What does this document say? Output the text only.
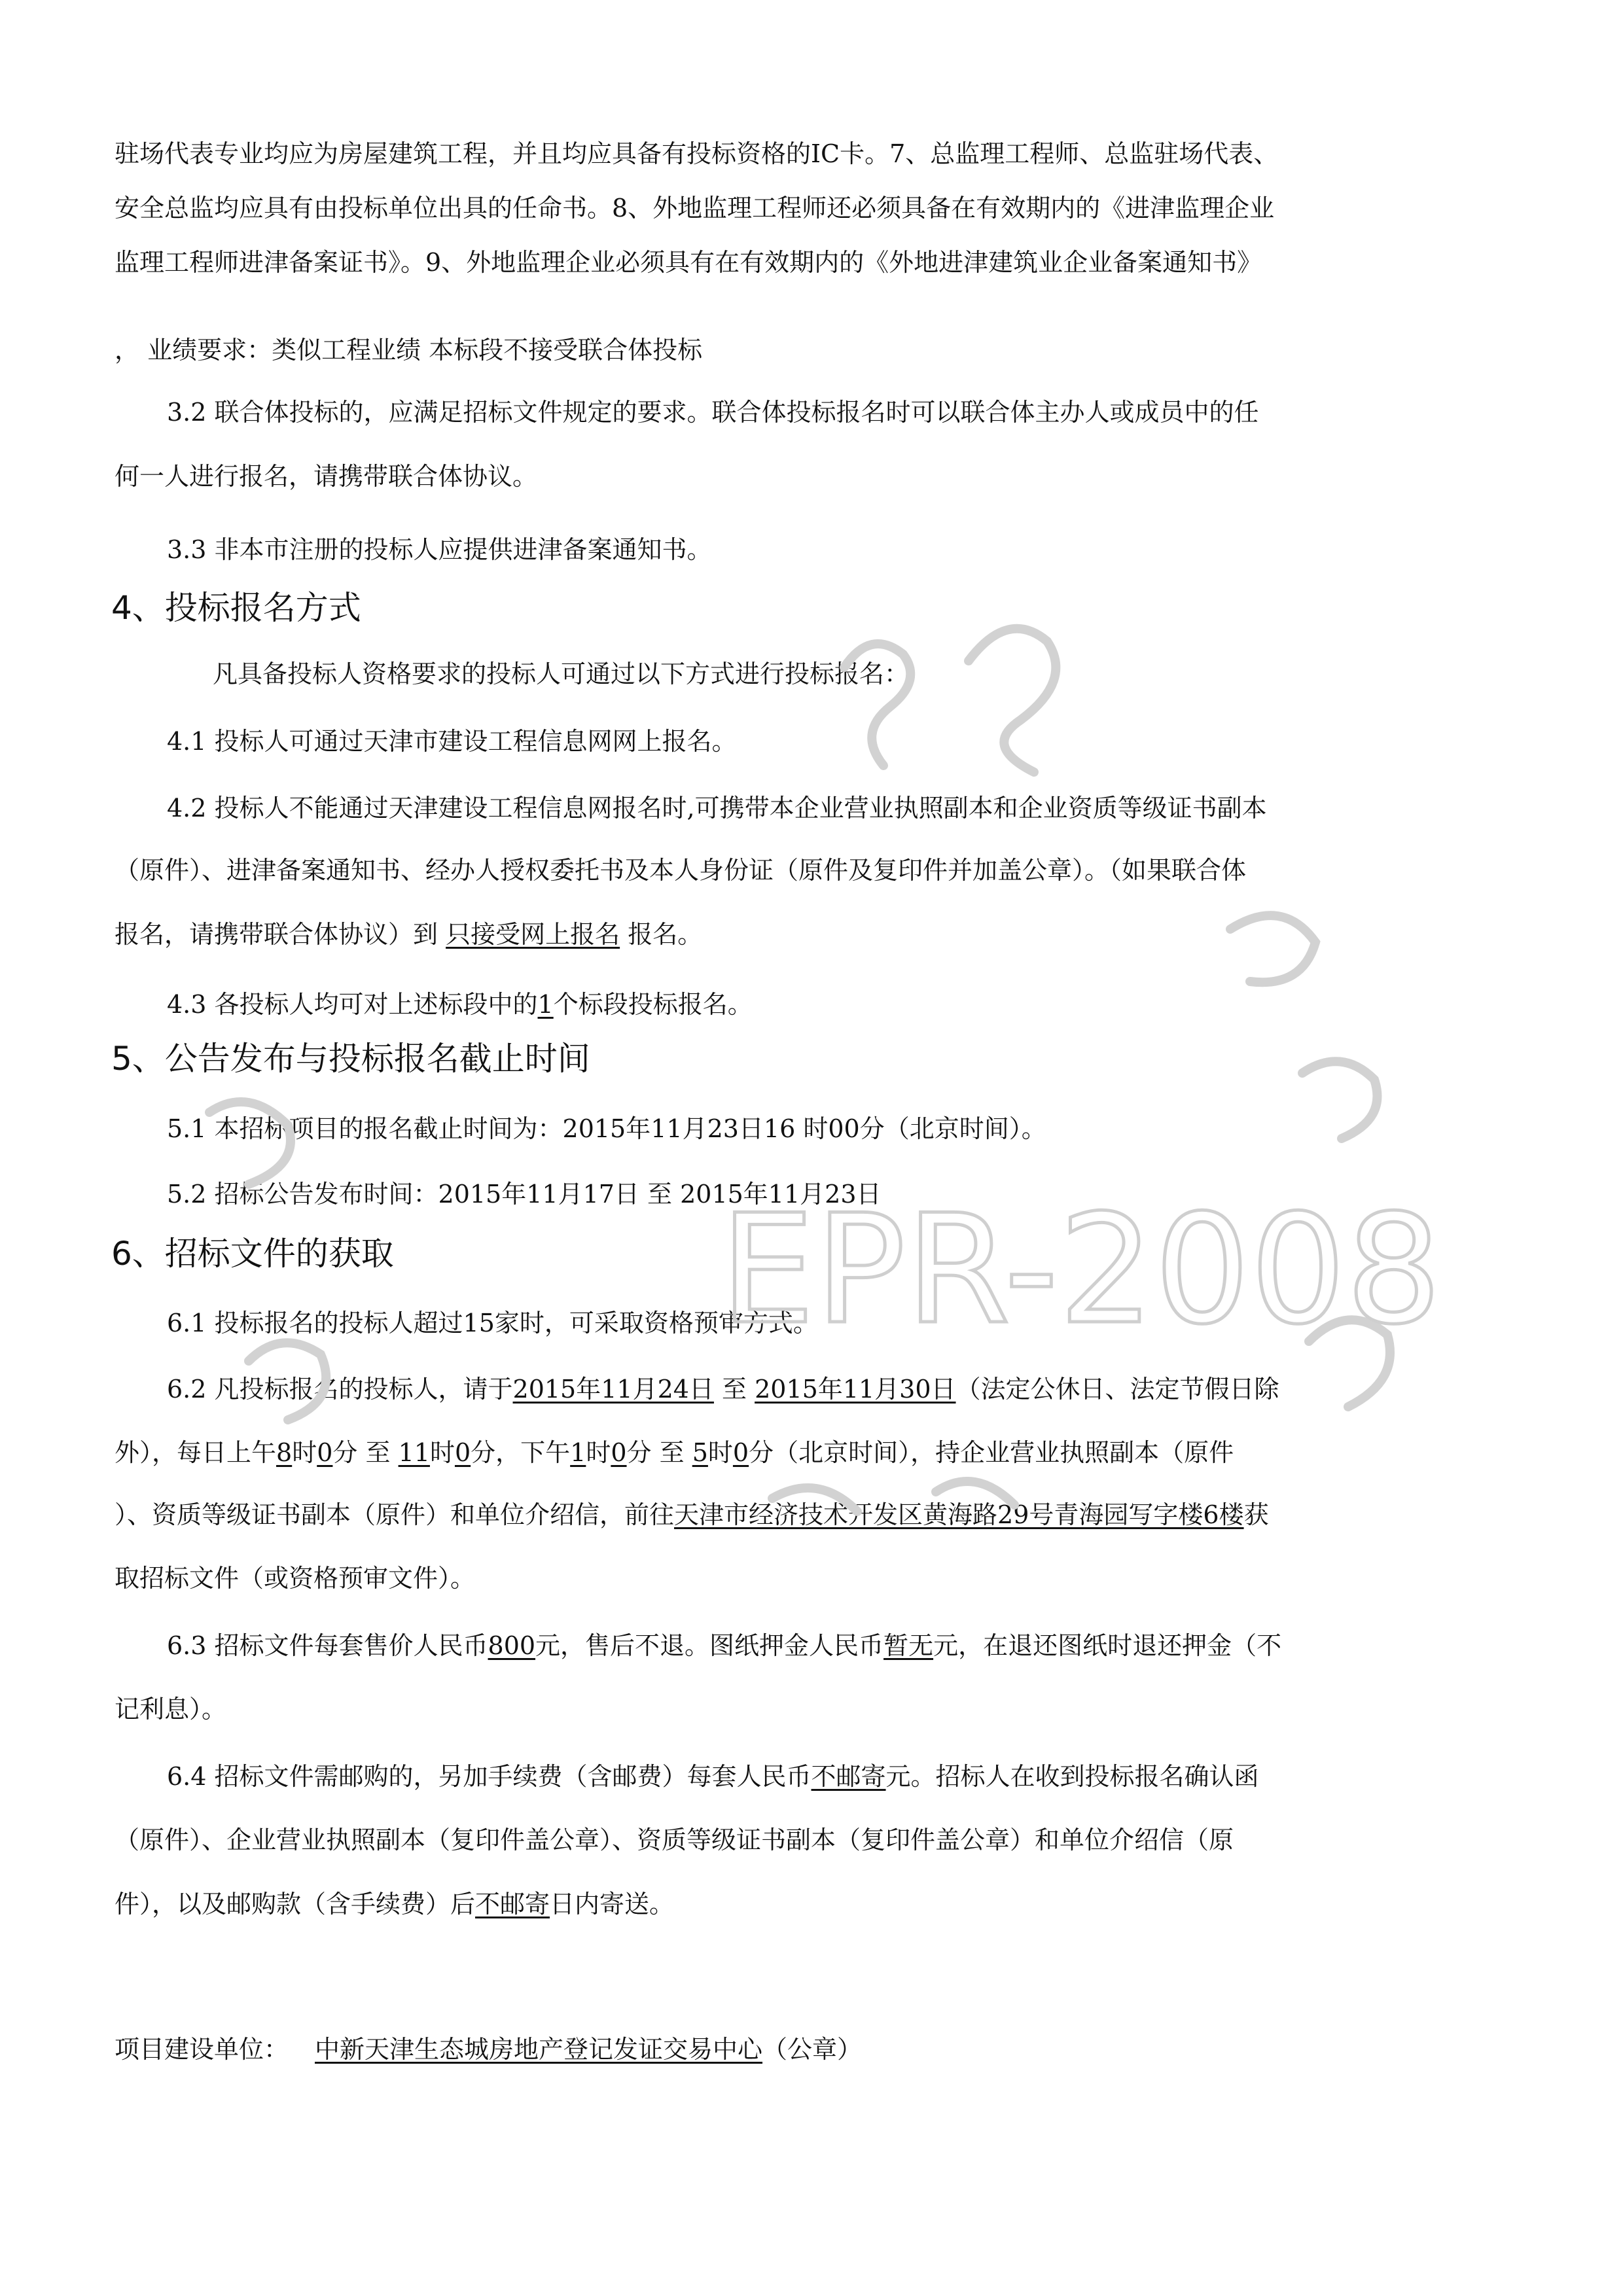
驻场代表专业均应为房屋建筑工程，并且均应具备有投标资格的IC卡。7、总监理工程师、总监驻场代表、
安全总监均应具有由投标单位出具的任命书。8、外地监理工程师还必须具备在有效期内的《进津监理企业
监理工程师进津备案证书》。9、外地监理企业必须具有在有效期内的《外地进津建筑业企业备案通知书》
， 业绩要求：类似工程业绩 本标段不接受联合体投标
3.2 联合体投标的，应满足招标文件规定的要求。联合体投标报名时可以联合体主办人或成员中的任
何一人进行报名，请携带联合体协议。
3.3 非本市注册的投标人应提供进津备案通知书。
4、投标报名方式
凡具备投标人资格要求的投标人可通过以下方式进行投标报名：
4.1 投标人可通过天津市建设工程信息网网上报名。
4.2 投标人不能通过天津建设工程信息网报名时,可携带本企业营业执照副本和企业资质等级证书副本
（原件）、进津备案通知书、经办人授权委托书及本人身份证（原件及复印件并加盖公章）。（如果联合体
报名，请携带联合体协议）到 只接受网上报名 报名。
4.3 各投标人均可对上述标段中的1个标段投标报名。
5、公告发布与投标报名截止时间
5.1 本招标项目的报名截止时间为：2015年11月23日16 时00分（北京时间）。
5.2 招标公告发布时间：2015年11月17日 至 2015年11月23日
6、招标文件的获取
6.1 投标报名的投标人超过15家时，可采取资格预审方式。
6.2 凡投标报名的投标人，请于2015年11月24日 至 2015年11月30日（法定公休日、法定节假日除
外），每日上午8时0分 至 11时0分，下午1时0分 至 5时0分（北京时间），持企业营业执照副本（原件
）、资质等级证书副本（原件）和单位介绍信，前往天津市经济技术开发区黄海路29号青海园写字楼6楼获
取招标文件（或资格预审文件）。
6.3 招标文件每套售价人民币800元，售后不退。图纸押金人民币暂无元，在退还图纸时退还押金（不
记利息）。
6.4 招标文件需邮购的，另加手续费（含邮费）每套人民币不邮寄元。招标人在收到投标报名确认函
（原件）、企业营业执照副本（复印件盖公章）、资质等级证书副本（复印件盖公章）和单位介绍信（原
件），以及邮购款（含手续费）后不邮寄日内寄送。
项目建设单位： 中新天津生态城房地产登记发证交易中心（公章）
EPR-2008
